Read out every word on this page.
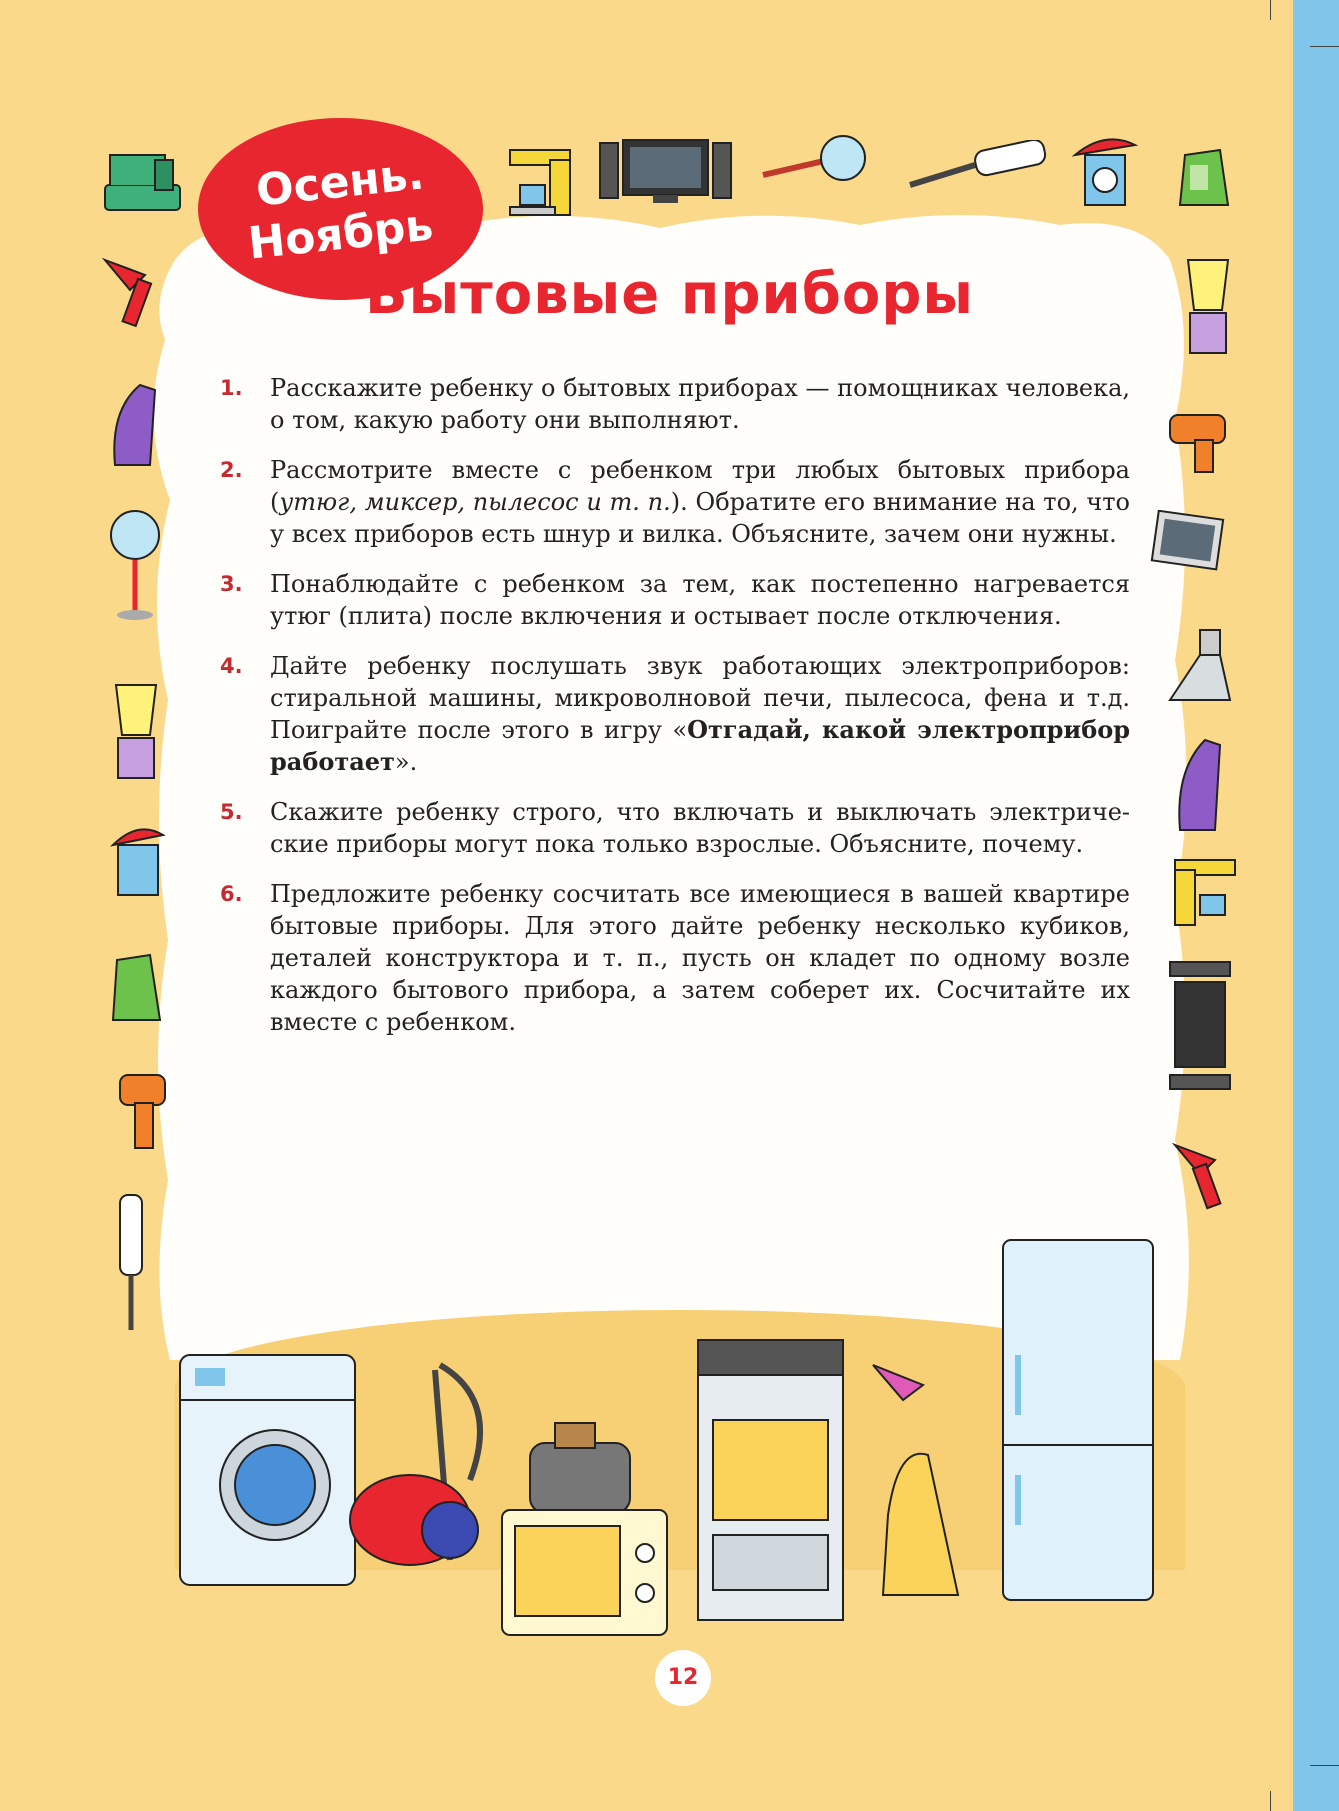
Осень.
Ноябрь
Бытовые приборы
1.	Расскажите ребенку о бытовых приборах — помощниках человека, о том, какую работу они выполняют.
2.	Рассмотрите вместе с ребенком три любых бытовых прибора (утюг, миксер, пылесос и т. п.). Обратите его внимание на то, что у всех приборов есть шнур и вилка. Объясните, зачем они нужны.
3.	Понаблюдайте с ребенком за тем, как постепенно нагревается утюг (плита) после включения и остывает после отключения.
4.	Дайте ребенку послушать звук работающих электроприборов: стиральной машины, микроволновой печи, пылесоса, фена и т.д. Поиграйте после этого в игру «Отгадай, какой электроприбор работает».
5.	Скажите ребенку строго, что включать и выключать электрические приборы могут пока только взрослые. Объясните, почему.
6.	Предложите ребенку сосчитать все имеющиеся в вашей квартире бытовые приборы. Для этого дайте ребенку несколько кубиков, деталей конструктора и т. п., пусть он кладет по одному возле каждого бытового прибора, а затем соберет их. Сосчитайте их вместе с ребенком.
12
